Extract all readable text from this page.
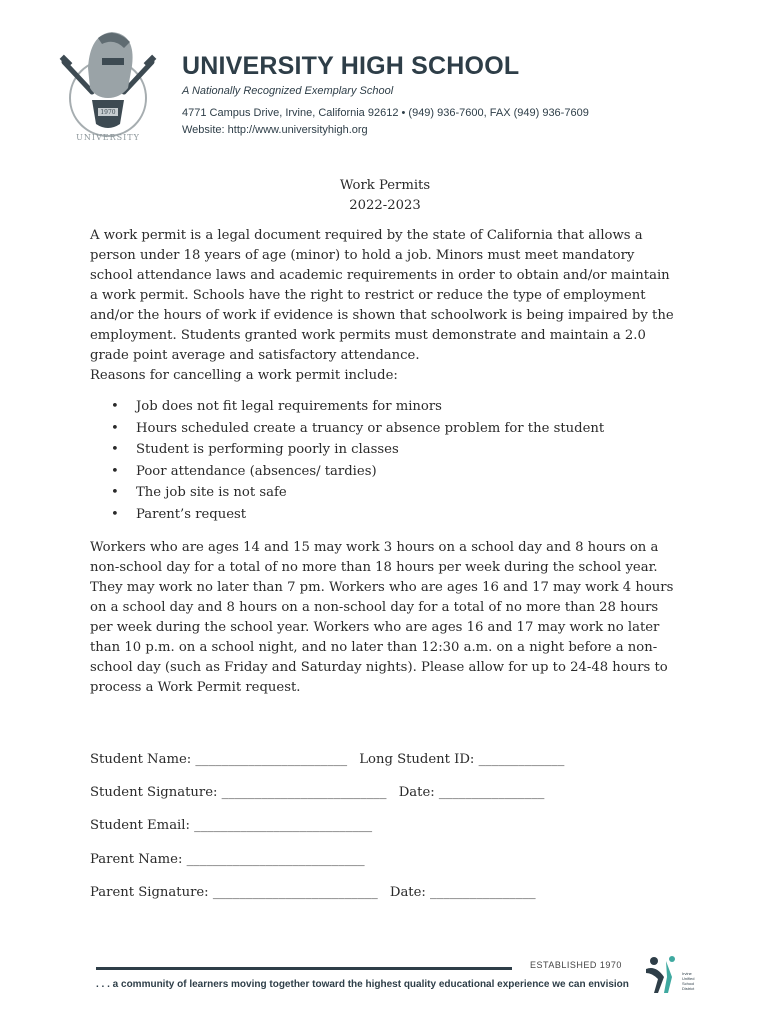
UNIVERSITY
1970
UNIVERSITY HIGH SCHOOL
A Nationally Recognized Exemplary School
4771 Campus Drive, Irvine, California 92612 • (949) 936-7600, FAX (949) 936-7609
Website: http://www.universityhigh.org

Work Permits

2022-2023

A work permit is a legal document required by the state of California that allows a person under 18 years of age (minor) to hold a job. Minors must meet mandatory school attendance laws and academic requirements in order to obtain and/or maintain a work permit. Schools have the right to restrict or reduce the type of employment and/or the hours of work if evidence is shown that schoolwork is being impaired by the employment. Students granted work permits must demonstrate and maintain a 2.0 grade point average and satisfactory attendance.

Reasons for cancelling a work permit include:

• Job does not fit legal requirements for minors
• Hours scheduled create a truancy or absence problem for the student
• Student is performing poorly in classes
• Poor attendance (absences/ tardies)
• The job site is not safe
• Parent’s request

Workers who are ages 14 and 15 may work 3 hours on a school day and 8 hours on a non-school day for a total of no more than 18 hours per week during the school year. They may work no later than 7 pm. Workers who are ages 16 and 17 may work 4 hours on a school day and 8 hours on a non-school day for a total of no more than 28 hours per week during the school year. Workers who are ages 16 and 17 may work no later than 10 p.m. on a school night, and no later than 12:30 a.m. on a night before a non-school day (such as Friday and Saturday nights). Please allow for up to 24-48 hours to process a Work Permit request.

Student Name: _______________________ Long Student ID: _____________
Student Signature: _________________________ Date: ________________
Student Email: ___________________________
Parent Name: ___________________________
Parent Signature: _________________________ Date: ________________
ESTABLISHED 1970
. . . a community of learners moving together toward the highest quality educational experience we can envision
Irvine
Unified
School
District
